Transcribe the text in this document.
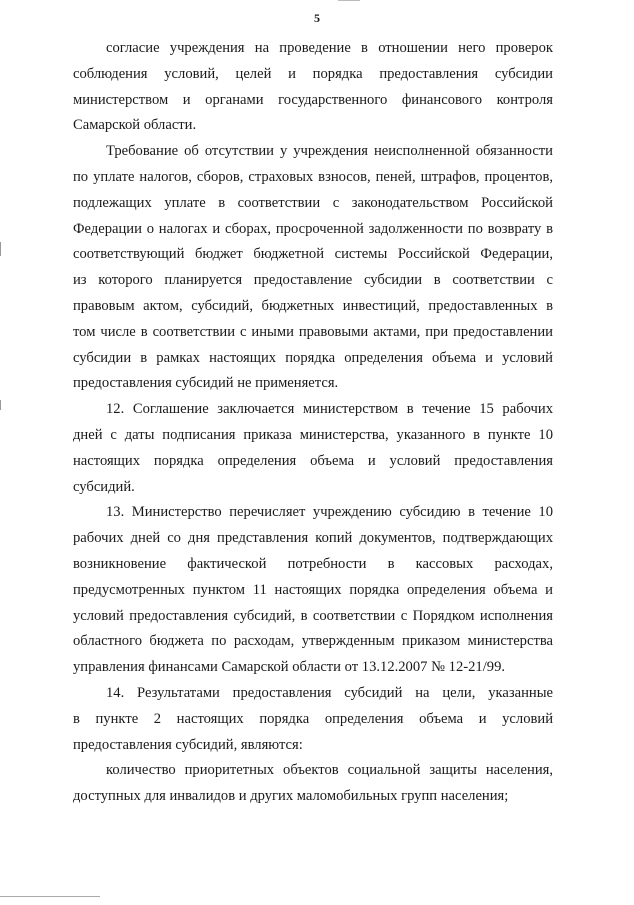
5

согласие учреждения на проведение в отношении него проверок
соблюдения условий, целей и порядка предоставления субсидии
министерством и органами государственного финансового контроля
Самарской области.

Требование об отсутствии у учреждения неисполненной обязанности
по уплате налогов, сборов, страховых взносов, пеней, штрафов, процентов,
подлежащих уплате в соответствии с законодательством Российской
Федерации о налогах и сборах, просроченной задолженности по возврату в
соответствующий бюджет бюджетной системы Российской Федерации,
из которого планируется предоставление субсидии в соответствии с
правовым актом, субсидий, бюджетных инвестиций, предоставленных в
том числе в соответствии с иными правовыми актами, при предоставлении
субсидии в рамках настоящих порядка определения объема и условий
предоставления субсидий не применяется.

12. Соглашение заключается министерством в течение 15 рабочих
дней с даты подписания приказа министерства, указанного в пункте 10
настоящих порядка определения объема и условий предоставления
субсидий.

13. Министерство перечисляет учреждению субсидию в течение 10
рабочих дней со дня представления копий документов, подтверждающих
возникновение фактической потребности в кассовых расходах,
предусмотренных пунктом 11 настоящих порядка определения объема и
условий предоставления субсидий, в соответствии с Порядком исполнения
областного бюджета по расходам, утвержденным приказом министерства
управления финансами Самарской области от 13.12.2007 № 12-21/99.

14. Результатами предоставления субсидий на цели, указанные
в пункте 2 настоящих порядка определения объема и условий
предоставления субсидий, являются:

количество приоритетных объектов социальной защиты населения,
доступных для инвалидов и других маломобильных групп населения;
